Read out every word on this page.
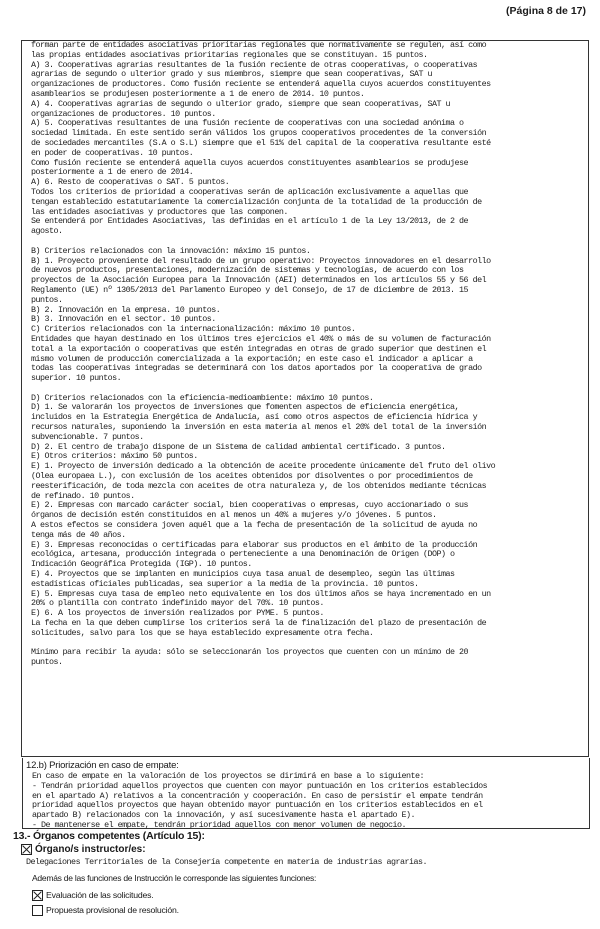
(Página 8 de 17)
forman parte de entidades asociativas prioritarias regionales que normativamente se regulen, así como
las propias entidades asociativas prioritarias regionales que se constituyan. 15 puntos.
A) 3. Cooperativas agrarias resultantes de la fusión reciente de otras cooperativas, o cooperativas
agrarias de segundo o ulterior grado y sus miembros, siempre que sean cooperativas, SAT u
organizaciones de productores. Como fusión reciente se entenderá aquella cuyos acuerdos constituyentes
asamblearios se produjesen posteriormente a 1 de enero de 2014. 10 puntos.
A) 4. Cooperativas agrarias de segundo o ulterior grado, siempre que sean cooperativas, SAT u
organizaciones de productores. 10 puntos.
A) 5. Cooperativas resultantes de una fusión reciente de cooperativas con una sociedad anónima o
sociedad limitada. En este sentido serán válidos los grupos cooperativos procedentes de la conversión
de sociedades mercantiles (S.A o S.L) siempre que el 51% del capital de la cooperativa resultante esté
en poder de cooperativas. 10 puntos.
Como fusión reciente se entenderá aquella cuyos acuerdos constituyentes asamblearios se produjese
posteriormente a 1 de enero de 2014.
A) 6. Resto de cooperativas o SAT. 5 puntos.
Todos los criterios de prioridad a cooperativas serán de aplicación exclusivamente a aquellas que
tengan establecido estatutariamente la comercialización conjunta de la totalidad de la producción de
las entidades asociativas y productores que las componen.
Se entenderá por Entidades Asociativas, las definidas en el artículo 1 de la Ley 13/2013, de 2 de
agosto.
B) Criterios relacionados con la innovación: máximo 15 puntos.
B) 1. Proyecto proveniente del resultado de un grupo operativo: Proyectos innovadores en el desarrollo
de nuevos productos, presentaciones, modernización de sistemas y tecnologías, de acuerdo con los
proyectos de la Asociación Europea para la Innovación (AEI) determinados en los artículos 55 y 56 del
Reglamento (UE) nº 1305/2013 del Parlamento Europeo y del Consejo, de 17 de diciembre de 2013. 15
puntos.
B) 2. Innovación en la empresa. 10 puntos.
B) 3. Innovación en el sector. 10 puntos.
C) Criterios relacionados con la internacionalización: máximo 10 puntos.
Entidades que hayan destinado en los últimos tres ejercicios el 40% o más de su volumen de facturación
total a la exportación o cooperativas que estén integradas en otras de grado superior que destinen el
mismo volumen de producción comercializada a la exportación; en este caso el indicador a aplicar a
todas las cooperativas integradas se determinará con los datos aportados por la cooperativa de grado
superior. 10 puntos.
D) Criterios relacionados con la eficiencia-medioambiente: máximo 10 puntos.
D) 1. Se valorarán los proyectos de inversiones que fomenten aspectos de eficiencia energética,
incluidos en la Estrategia Energética de Andalucía, así como otros aspectos de eficiencia hídrica y
recursos naturales, suponiendo la inversión en esta materia al menos el 20% del total de la inversión
subvencionable. 7 puntos.
D) 2. El centro de trabajo dispone de un Sistema de calidad ambiental certificado. 3 puntos.
E) Otros criterios: máximo 50 puntos.
E) 1. Proyecto de inversión dedicado a la obtención de aceite procedente únicamente del fruto del olivo
(Olea europaea L.), con exclusión de los aceites obtenidos por disolventes o por procedimientos de
reesterificación, de toda mezcla con aceites de otra naturaleza y, de los obtenidos mediante técnicas
de refinado. 10 puntos.
E) 2. Empresas con marcado carácter social, bien cooperativas o empresas, cuyo accionariado o sus
órganos de decisión estén constituidos en al menos un 40% a mujeres y/o jóvenes. 5 puntos.
A estos efectos se considera joven aquél que a la fecha de presentación de la solicitud de ayuda no
tenga más de 40 años.
E) 3. Empresas reconocidas o certificadas para elaborar sus productos en el ámbito de la producción
ecológica, artesana, producción integrada o perteneciente a una Denominación de Origen (DOP) o
Indicación Geográfica Protegida (IGP). 10 puntos.
E) 4. Proyectos que se implanten en municipios cuya tasa anual de desempleo, según las últimas
estadísticas oficiales publicadas, sea superior a la media de la provincia. 10 puntos.
E) 5. Empresas cuya tasa de empleo neto equivalente en los dos últimos años se haya incrementado en un
20% o plantilla con contrato indefinido mayor del 70%. 10 puntos.
E) 6. A los proyectos de inversión realizados por PYME. 5 puntos.
La fecha en la que deben cumplirse los criterios será la de finalización del plazo de presentación de
solicitudes, salvo para los que se haya establecido expresamente otra fecha.
Mínimo para recibir la ayuda: sólo se seleccionarán los proyectos que cuenten con un mínimo de 20
puntos.
12.b) Priorización en caso de empate:
En caso de empate en la valoración de los proyectos se dirimirá en base a lo siguiente:
- Tendrán prioridad aquellos proyectos que cuenten con mayor puntuación en los criterios establecidos
en el apartado A) relativos a la concentración y cooperación. En caso de persistir el empate tendrán
prioridad aquellos proyectos que hayan obtenido mayor puntuación en los criterios establecidos en el
apartado B) relacionados con la innovación, y así sucesivamente hasta el apartado E).
- De mantenerse el empate, tendrán prioridad aquellos con menor volumen de negocio.
13.- Órganos competentes (Artículo 15):
Órgano/s instructor/es:
Delegaciones Territoriales de la Consejería competente en materia de industrias agrarias.
Además de las funciones de Instrucción le corresponde las siguientes funciones:
Evaluación de las solicitudes.
Propuesta provisional de resolución.
